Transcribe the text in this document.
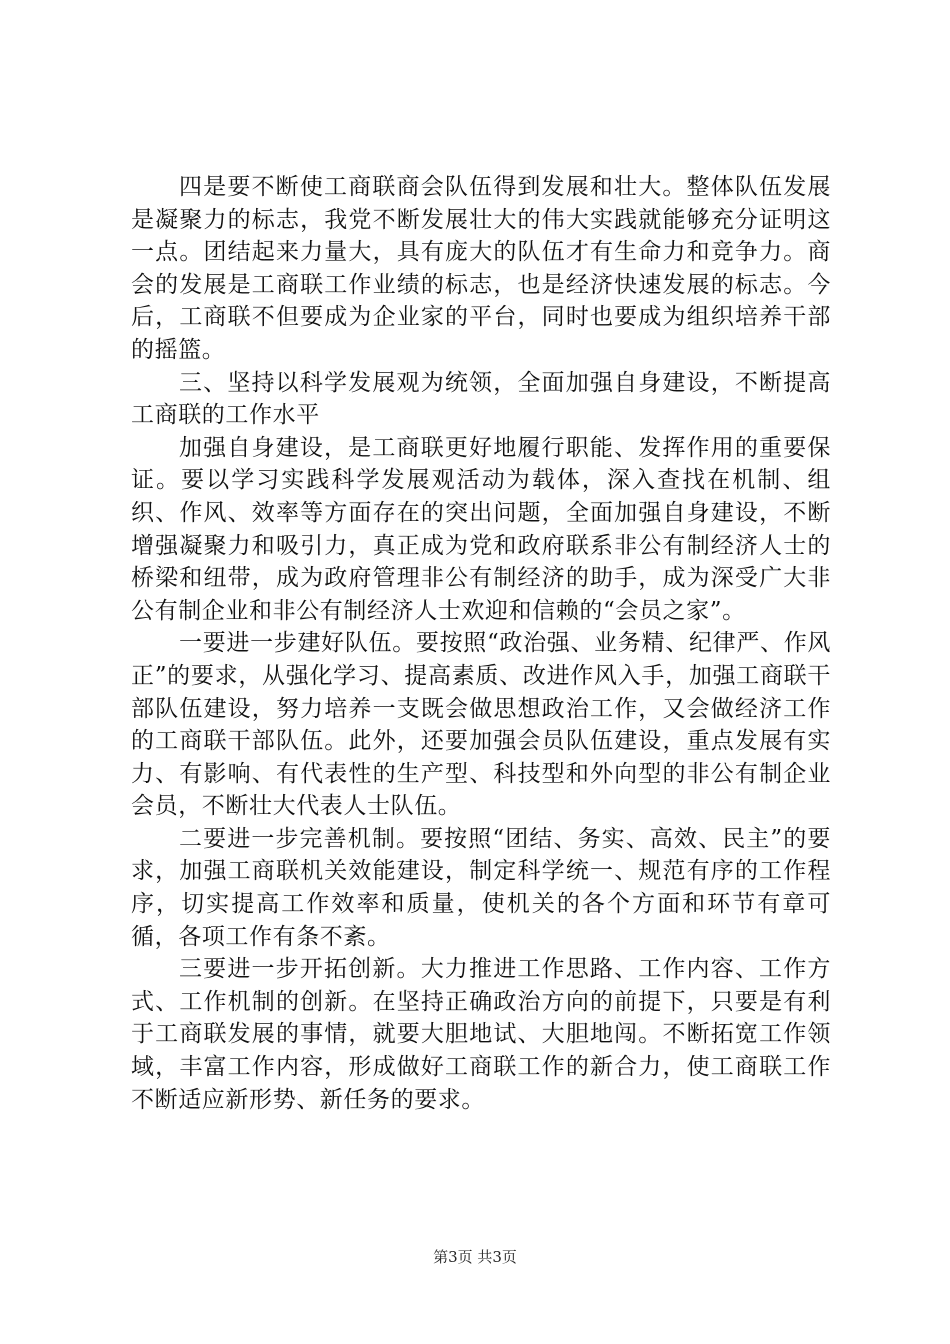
四是要不断使工商联商会队伍得到发展和壮大。整体队伍发展是凝聚力的标志，我党不断发展壮大的伟大实践就能够充分证明这一点。团结起来力量大，具有庞大的队伍才有生命力和竞争力。商会的发展是工商联工作业绩的标志，也是经济快速发展的标志。今后，工商联不但要成为企业家的平台，同时也要成为组织培养干部的摇篮。

三、坚持以科学发展观为统领，全面加强自身建设，不断提高工商联的工作水平

加强自身建设，是工商联更好地履行职能、发挥作用的重要保证。要以学习实践科学发展观活动为载体，深入查找在机制、组织、作风、效率等方面存在的突出问题，全面加强自身建设，不断增强凝聚力和吸引力，真正成为党和政府联系非公有制经济人士的桥梁和纽带，成为政府管理非公有制经济的助手，成为深受广大非公有制企业和非公有制经济人士欢迎和信赖的“会员之家”。

一要进一步建好队伍。要按照“政治强、业务精、纪律严、作风正”的要求，从强化学习、提高素质、改进作风入手，加强工商联干部队伍建设，努力培养一支既会做思想政治工作，又会做经济工作的工商联干部队伍。此外，还要加强会员队伍建设，重点发展有实力、有影响、有代表性的生产型、科技型和外向型的非公有制企业会员，不断壮大代表人士队伍。

二要进一步完善机制。要按照“团结、务实、高效、民主”的要求，加强工商联机关效能建设，制定科学统一、规范有序的工作程序，切实提高工作效率和质量，使机关的各个方面和环节有章可循，各项工作有条不紊。

三要进一步开拓创新。大力推进工作思路、工作内容、工作方式、工作机制的创新。在坚持正确政治方向的前提下，只要是有利于工商联发展的事情，就要大胆地试、大胆地闯。不断拓宽工作领域，丰富工作内容，形成做好工商联工作的新合力，使工商联工作不断适应新形势、新任务的要求。

第3页 共3页
